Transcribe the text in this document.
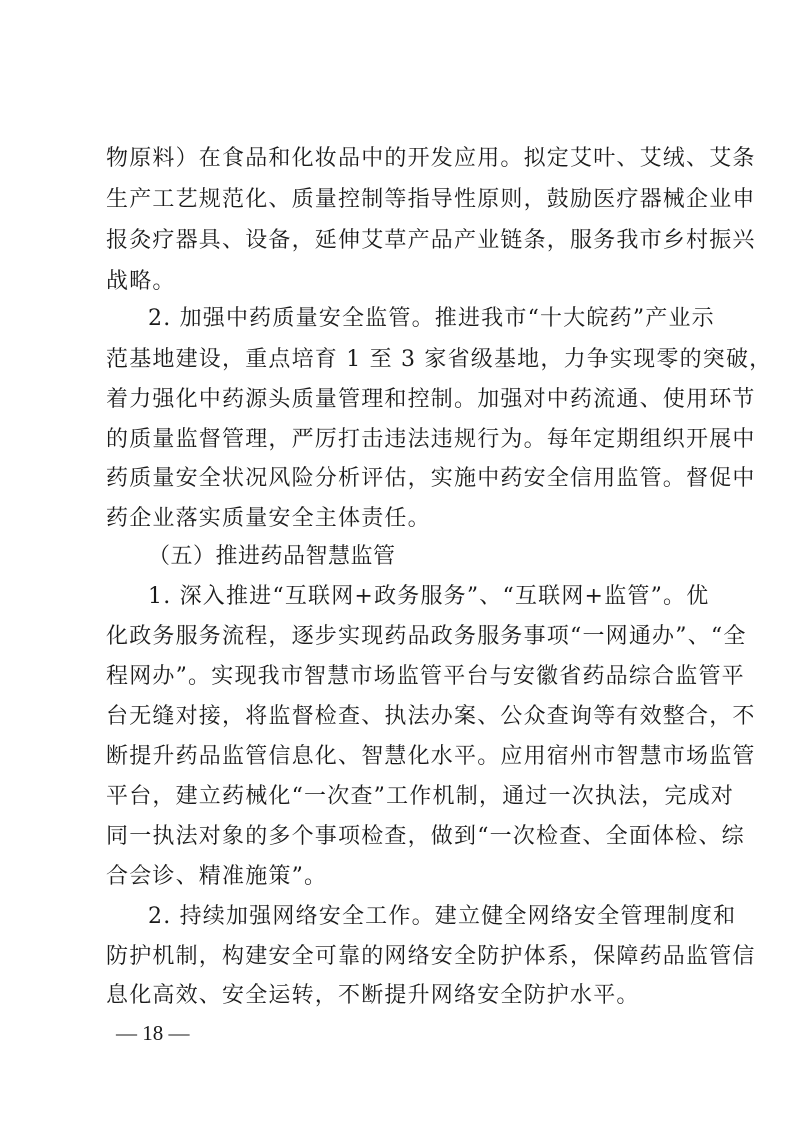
物原料）在食品和化妆品中的开发应用。拟定艾叶、艾绒、艾条
生产工艺规范化、质量控制等指导性原则，鼓励医疗器械企业申
报灸疗器具、设备，延伸艾草产品产业链条，服务我市乡村振兴
战略。
2. 加强中药质量安全监管。推进我市“十大皖药”产业示
范基地建设，重点培育 1 至 3 家省级基地，力争实现零的突破，
着力强化中药源头质量管理和控制。加强对中药流通、使用环节
的质量监督管理，严厉打击违法违规行为。每年定期组织开展中
药质量安全状况风险分析评估，实施中药安全信用监管。督促中
药企业落实质量安全主体责任。
（五）推进药品智慧监管
1. 深入推进“互联网+政务服务”、“互联网+监管”。优
化政务服务流程，逐步实现药品政务服务事项“一网通办”、“全
程网办”。实现我市智慧市场监管平台与安徽省药品综合监管平
台无缝对接，将监督检查、执法办案、公众查询等有效整合，不
断提升药品监管信息化、智慧化水平。应用宿州市智慧市场监管
平台，建立药械化“一次查”工作机制，通过一次执法，完成对
同一执法对象的多个事项检查，做到“一次检查、全面体检、综
合会诊、精准施策”。
2. 持续加强网络安全工作。建立健全网络安全管理制度和
防护机制，构建安全可靠的网络安全防护体系，保障药品监管信
息化高效、安全运转，不断提升网络安全防护水平。
— 18 —
